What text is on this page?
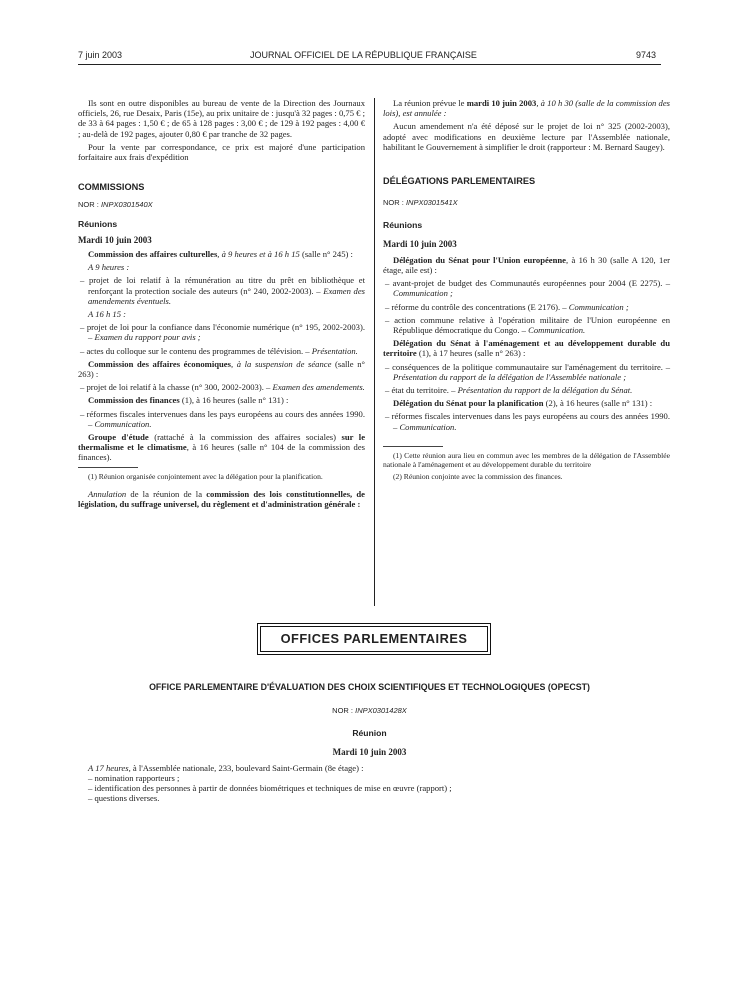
7 juin 2003	JOURNAL OFFICIEL DE LA RÉPUBLIQUE FRANÇAISE	9743

Ils sont en outre disponibles au bureau de vente de la Direction des Journaux officiels, 26, rue Desaix, Paris (15e), au prix unitaire de : jusqu'à 32 pages : 0,75 € ; de 33 à 64 pages : 1,50 € ; de 65 à 128 pages : 3,00 € ; de 129 à 192 pages : 4,00 € ; au-delà de 192 pages, ajouter 0,80 € par tranche de 32 pages.

Pour la vente par correspondance, ce prix est majoré d'une participation forfaitaire aux frais d'expédition

COMMISSIONS

NOR : INPX0301540X

Réunions

Mardi 10 juin 2003

Commission des affaires culturelles, à 9 heures et à 16 h 15 (salle n° 245) :

A 9 heures :

– projet de loi relatif à la rémunération au titre du prêt en bibliothèque et renforçant la protection sociale des auteurs (n° 240, 2002-2003). – Examen des amendements éventuels.

A 16 h 15 :

– projet de loi pour la confiance dans l'économie numérique (n° 195, 2002-2003). – Examen du rapport pour avis ;

– actes du colloque sur le contenu des programmes de télévision. – Présentation.

Commission des affaires économiques, à la suspension de séance (salle n° 263) :

– projet de loi relatif à la chasse (n° 300, 2002-2003). – Examen des amendements.

Commission des finances (1), à 16 heures (salle n° 131) :

– réformes fiscales intervenues dans les pays européens au cours des années 1990. – Communication.

Groupe d'étude (rattaché à la commission des affaires sociales) sur le thermalisme et le climatisme, à 16 heures (salle n° 104 de la commission des finances).

(1) Réunion organisée conjointement avec la délégation pour la planification.

Annulation de la réunion de la commission des lois constitutionnelles, de législation, du suffrage universel, du règlement et d'administration générale :

La réunion prévue le mardi 10 juin 2003, à 10 h 30 (salle de la commission des lois), est annulée :

Aucun amendement n'a été déposé sur le projet de loi n° 325 (2002-2003), adopté avec modifications en deuxième lecture par l'Assemblée nationale, habilitant le Gouvernement à simplifier le droit (rapporteur : M. Bernard Saugey).

DÉLÉGATIONS PARLEMENTAIRES

NOR : INPX0301541X

Réunions

Mardi 10 juin 2003

Délégation du Sénat pour l'Union européenne, à 16 h 30 (salle A 120, 1er étage, aile est) :

– avant-projet de budget des Communautés européennes pour 2004 (E 2275). – Communication ;

– réforme du contrôle des concentrations (E 2176). – Communication ;

– action commune relative à l'opération militaire de l'Union européenne en République démocratique du Congo. – Communication.

Délégation du Sénat à l'aménagement et au développement durable du territoire (1), à 17 heures (salle n° 263) :

– conséquences de la politique communautaire sur l'aménagement du territoire. – Présentation du rapport de la délégation de l'Assemblée nationale ;

– état du territoire. – Présentation du rapport de la délégation du Sénat.

Délégation du Sénat pour la planification (2), à 16 heures (salle n° 131) :

– réformes fiscales intervenues dans les pays européens au cours des années 1990. – Communication.

(1) Cette réunion aura lieu en commun avec les membres de la délégation de l'Assemblée nationale à l'aménagement et au développement durable du territoire

(2) Réunion conjointe avec la commission des finances.

OFFICES PARLEMENTAIRES

OFFICE PARLEMENTAIRE D'ÉVALUATION DES CHOIX SCIENTIFIQUES ET TECHNOLOGIQUES (OPECST)

NOR : INPX0301428X

Réunion

Mardi 10 juin 2003

A 17 heures, à l'Assemblée nationale, 233, boulevard Saint-Germain (8e étage) :

– nomination rapporteurs ;

– identification des personnes à partir de données biométriques et techniques de mise en œuvre (rapport) ;

– questions diverses.
